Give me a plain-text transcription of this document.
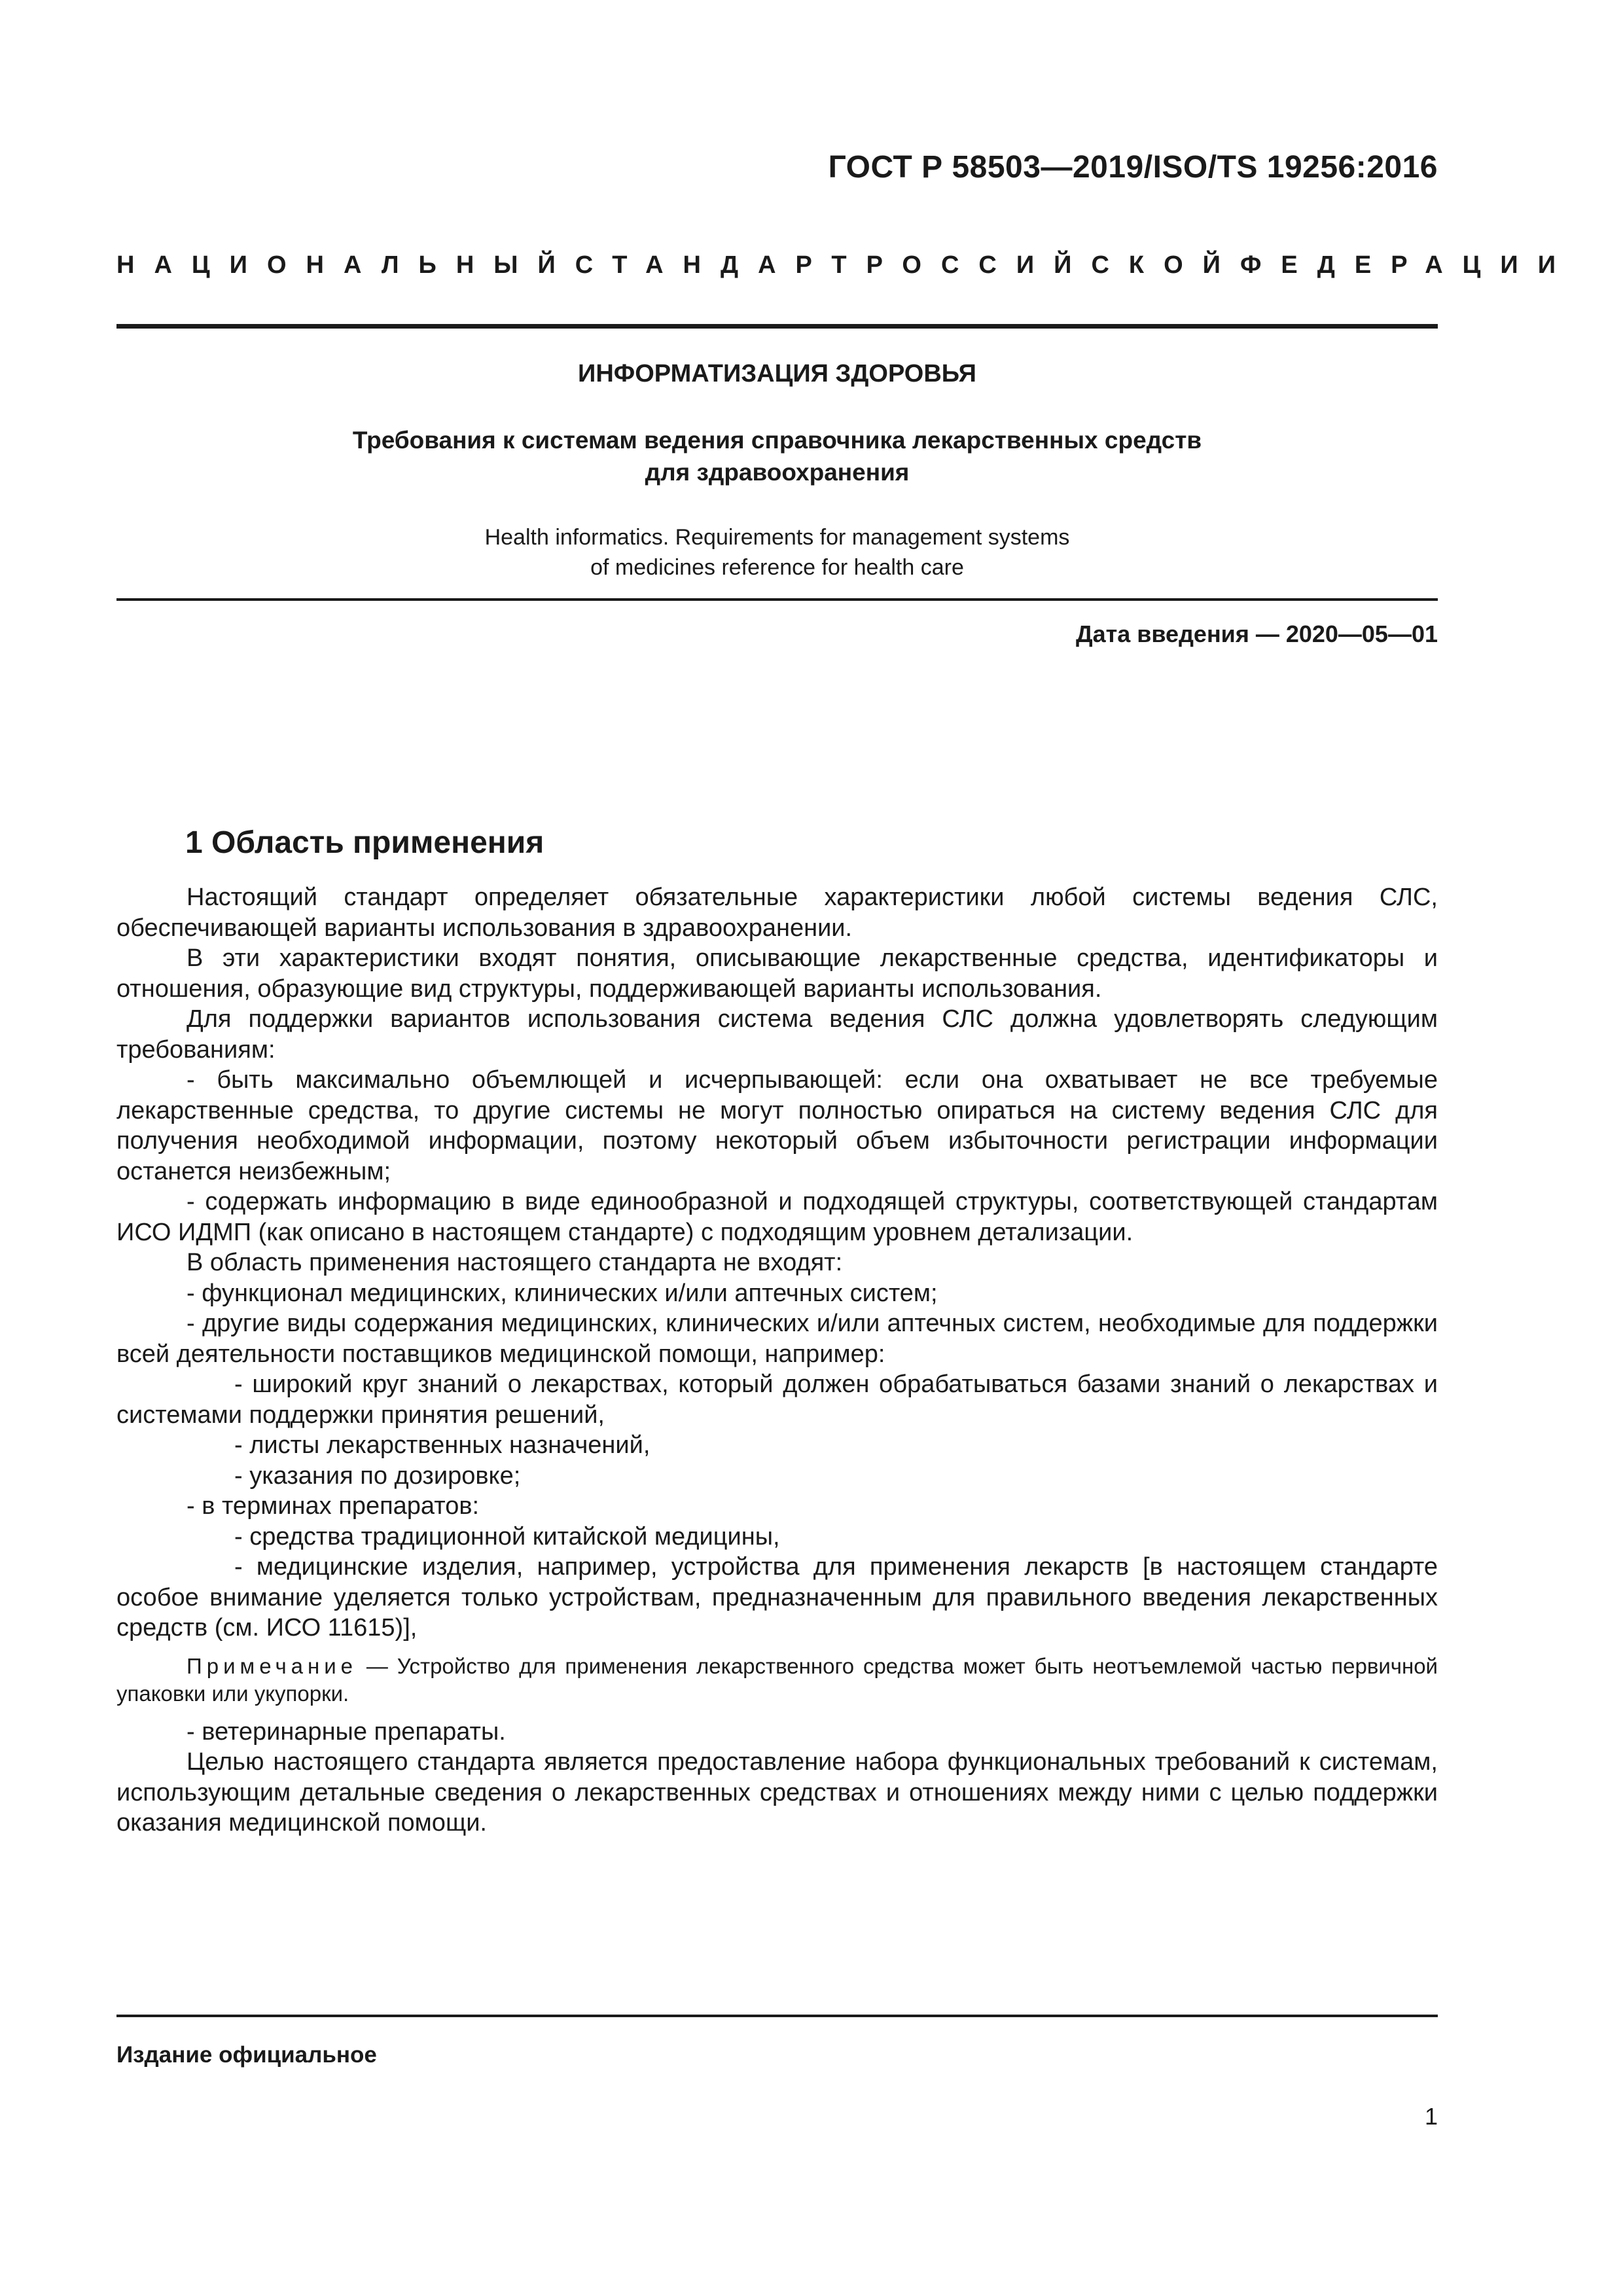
ГОСТ Р 58503—2019/ISO/TS 19256:2016
НАЦИОНАЛЬНЫЙ СТАНДАРТ РОССИЙСКОЙ ФЕДЕРАЦИИ
ИНФОРМАТИЗАЦИЯ ЗДОРОВЬЯ
Требования к системам ведения справочника лекарственных средств
для здравоохранения
Health informatics. Requirements for management systems
of medicines reference for health care
Дата введения — 2020—05—01
1 Область применения

Настоящий стандарт определяет обязательные характеристики любой системы ведения СЛС, обеспечивающей варианты использования в здравоохранении.

В эти характеристики входят понятия, описывающие лекарственные средства, идентификаторы и отношения, образующие вид структуры, поддерживающей варианты использования.

Для поддержки вариантов использования система ведения СЛС должна удовлетворять следующим требованиям:

- быть максимально объемлющей и исчерпывающей: если она охватывает не все требуемые лекарственные средства, то другие системы не могут полностью опираться на систему ведения СЛС для получения необходимой информации, поэтому некоторый объем избыточности регистрации информации останется неизбежным;

- содержать информацию в виде единообразной и подходящей структуры, соответствующей стандартам ИСО ИДМП (как описано в настоящем стандарте) с подходящим уровнем детализации.

В область применения настоящего стандарта не входят:

- функционал медицинских, клинических и/или аптечных систем;

- другие виды содержания медицинских, клинических и/или аптечных систем, необходимые для поддержки всей деятельности поставщиков медицинской помощи, например:

- широкий круг знаний о лекарствах, который должен обрабатываться базами знаний о лекарствах и системами поддержки принятия решений,

- листы лекарственных назначений,

- указания по дозировке;

- в терминах препаратов:

- средства традиционной китайской медицины,

- медицинские изделия, например, устройства для применения лекарств [в настоящем стандарте особое внимание уделяется только устройствам, предназначенным для правильного введения лекарственных средств (см. ИСО 11615)],

Примечание — Устройство для применения лекарственного средства может быть неотъемлемой частью первичной упаковки или укупорки.

- ветеринарные препараты.

Целью настоящего стандарта является предоставление набора функциональных требований к системам, использующим детальные сведения о лекарственных средствах и отношениях между ними с целью поддержки оказания медицинской помощи.

Издание официальное
1
